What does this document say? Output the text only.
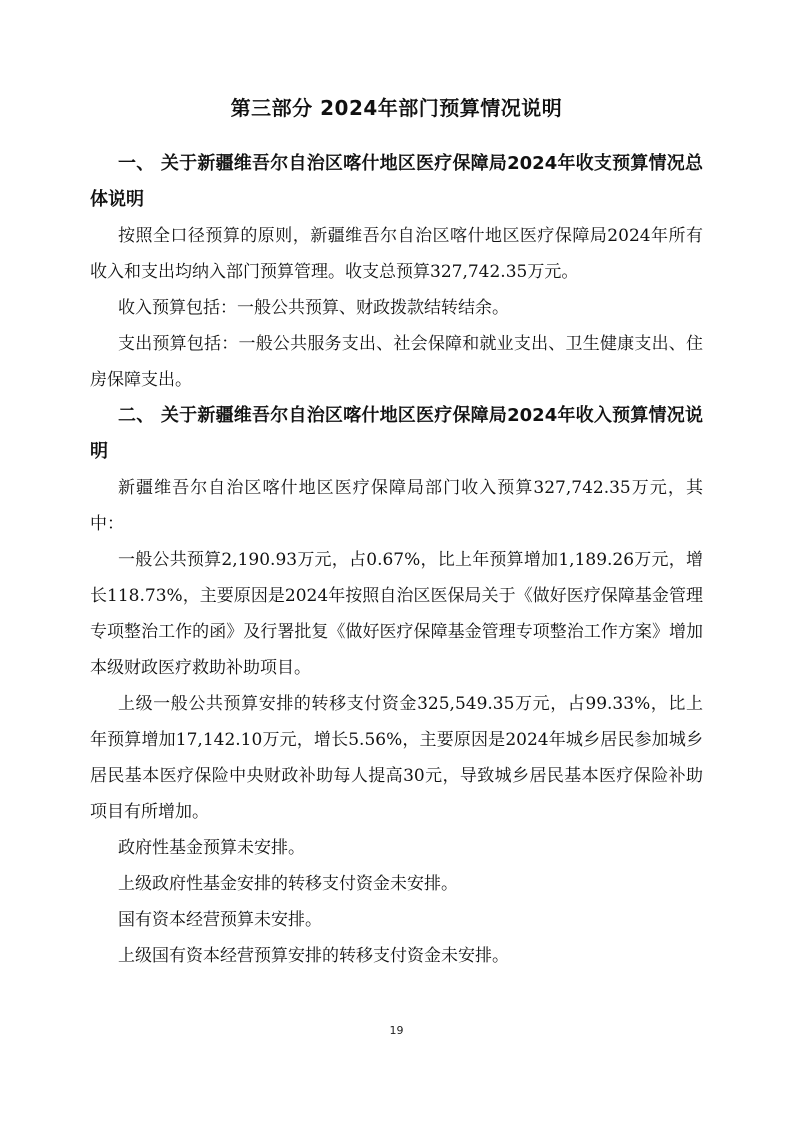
第三部分 2024年部门预算情况说明
一、 关于新疆维吾尔自治区喀什地区医疗保障局2024年收支预算情况总体说明

按照全口径预算的原则，新疆维吾尔自治区喀什地区医疗保障局2024年所有收入和支出均纳入部门预算管理。收支总预算327,742.35万元。

收入预算包括：一般公共预算、财政拨款结转结余。

支出预算包括：一般公共服务支出、社会保障和就业支出、卫生健康支出、住房保障支出。

二、 关于新疆维吾尔自治区喀什地区医疗保障局2024年收入预算情况说明

新疆维吾尔自治区喀什地区医疗保障局部门收入预算327,742.35万元，其中：

一般公共预算2,190.93万元，占0.67%，比上年预算增加1,189.26万元，增长118.73%，主要原因是2024年按照自治区医保局关于《做好医疗保障基金管理专项整治工作的函》及行署批复《做好医疗保障基金管理专项整治工作方案》增加本级财政医疗救助补助项目。

上级一般公共预算安排的转移支付资金325,549.35万元，占99.33%，比上年预算增加17,142.10万元，增长5.56%，主要原因是2024年城乡居民参加城乡居民基本医疗保险中央财政补助每人提高30元，导致城乡居民基本医疗保险补助项目有所增加。

政府性基金预算未安排。

上级政府性基金安排的转移支付资金未安排。

国有资本经营预算未安排。

上级国有资本经营预算安排的转移支付资金未安排。

19
